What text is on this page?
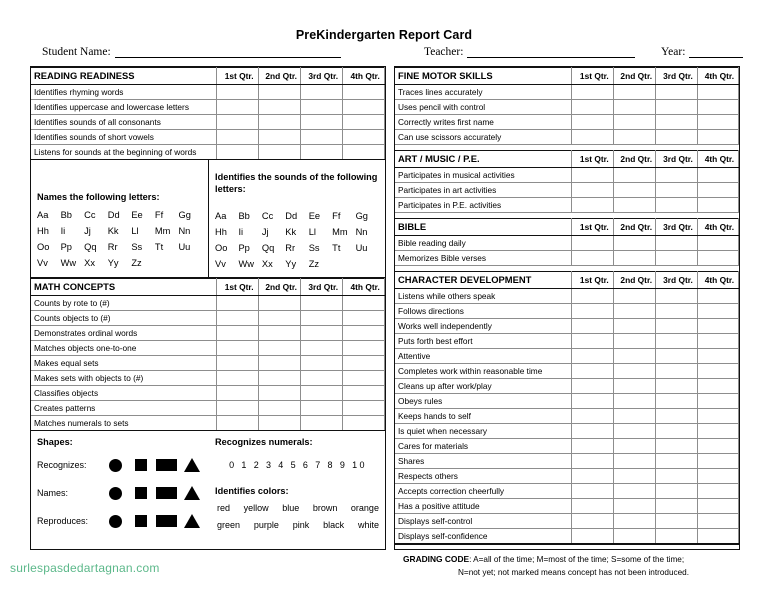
PreKindergarten Report Card
Student Name:	Teacher:	Year:
READING READINESS	1st Qtr.	2nd Qtr.	3rd Qtr.	4th Qtr.
Identifies rhyming words				
Identifies uppercase and lowercase letters				
Identifies sounds of all consonants				
Identifies sounds of short vowels				
Listens for sounds at the beginning of words				
Names the following letters:
Aa	Bb	Cc	Dd	Ee	Ff	Gg
Hh	Ii	Jj	Kk	Ll	Mm Nn
Oo	Pp	Qq	Rr	Ss	Tt	Uu
Vv	Ww Xx	Yy	Zz
Identifies the sounds of the following letters:
Aa	Bb	Cc	Dd	Ee	Ff	Gg
Hh	Ii	Jj	Kk	Ll	Mm Nn
Oo	Pp	Qq	Rr	Ss	Tt	Uu
Vv	Ww Xx	Yy	Zz
MATH CONCEPTS	1st Qtr.	2nd Qtr.	3rd Qtr.	4th Qtr.
Counts by rote to (#)				
Counts objects to (#)				
Demonstrates ordinal words				
Matches objects one-to-one				
Makes equal sets				
Makes sets with objects to (#)				
Classifies objects				
Creates patterns				
Matches numerals to sets				
Shapes:
Recognizes:
Names:
Reproduces:
Recognizes numerals:
0 1 2 3 4 5 6 7 8 9 10
Identifies colors:
red yellow blue brown orange
green purple pink black white
FINE MOTOR SKILLS	1st Qtr.	2nd Qtr.	3rd Qtr.	4th Qtr.
Traces lines accurately				
Uses pencil with control				
Correctly writes first name				
Can use scissors accurately				

ART / MUSIC / P.E.	1st Qtr.	2nd Qtr.	3rd Qtr.	4th Qtr.
Participates in musical activities				
Participates in art activities				
Participates in P.E. activities				

BIBLE	1st Qtr.	2nd Qtr.	3rd Qtr.	4th Qtr.
Bible reading daily				
Memorizes Bible verses				

CHARACTER DEVELOPMENT	1st Qtr.	2nd Qtr.	3rd Qtr.	4th Qtr.
Listens while others speak				
Follows directions				
Works well independently				
Puts forth best effort				
Attentive				
Completes work within reasonable time				
Cleans up after work/play				
Obeys rules				
Keeps hands to self				
Is quiet when necessary				
Cares for materials				
Shares				
Respects others				
Accepts correction cheerfully				
Has a positive attitude				
Displays self-control				
Displays self-confidence				
GRADING CODE: A=all of the time; M=most of the time; S=some of the time;
N=not yet; not marked means concept has not been introduced.
surlespasdedartagnan.com
